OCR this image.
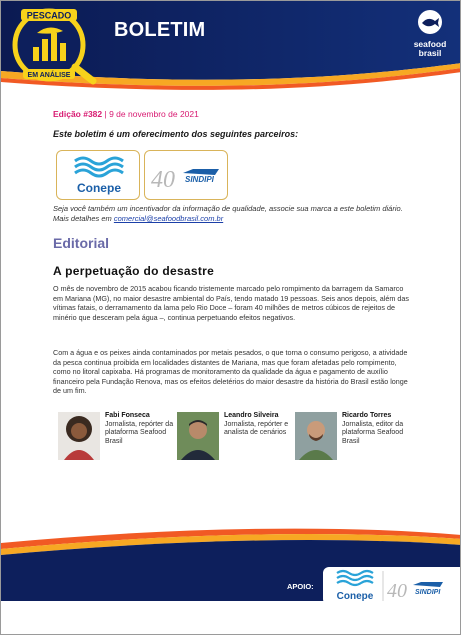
PESCADO
EM ANÁLISE
BOLETIM
seafood
brasil
Edição #382 | 9 de novembro de 2021
Este boletim é um oferecimento dos seguintes parceiros:
Conepe 40 SINDIPI
Seja você também um incentivador da informação de qualidade, associe sua marca a este boletim diário. Mais detalhes em comercial@seafoodbrasil.com.br
Editorial
A perpetuação do desastre
O mês de novembro de 2015 acabou ficando tristemente marcado pelo rompimento da barragem da Samarco em Mariana (MG), no maior desastre ambiental do País, tendo matado 19 pessoas. Seis anos depois, além das vítimas fatais, o derramamento da lama pelo Rio Doce – foram 40 milhões de metros cúbicos de rejeitos de minério que desceram pela água –, continua perpetuando efeitos negativos.
Com a água e os peixes ainda contaminados por metais pesados, o que torna o consumo perigoso, a atividade da pesca continua proibida em localidades distantes de Mariana, mas que foram afetadas pelo rompimento, como no litoral capixaba. Há programas de monitoramento da qualidade da água e pagamento de auxílio financeiro pela Fundação Renova, mas os efeitos deletérios do maior desastre da história do Brasil estão longe de um fim.
Fabi Fonseca
Jornalista, repórter da plataforma Seafood Brasil
Leandro Silveira
Jornalista, repórter e analista de cenários
Ricardo Torres
Jornalista, editor da plataforma Seafood Brasil
APOIO:
Conepe 40 SINDIPI
